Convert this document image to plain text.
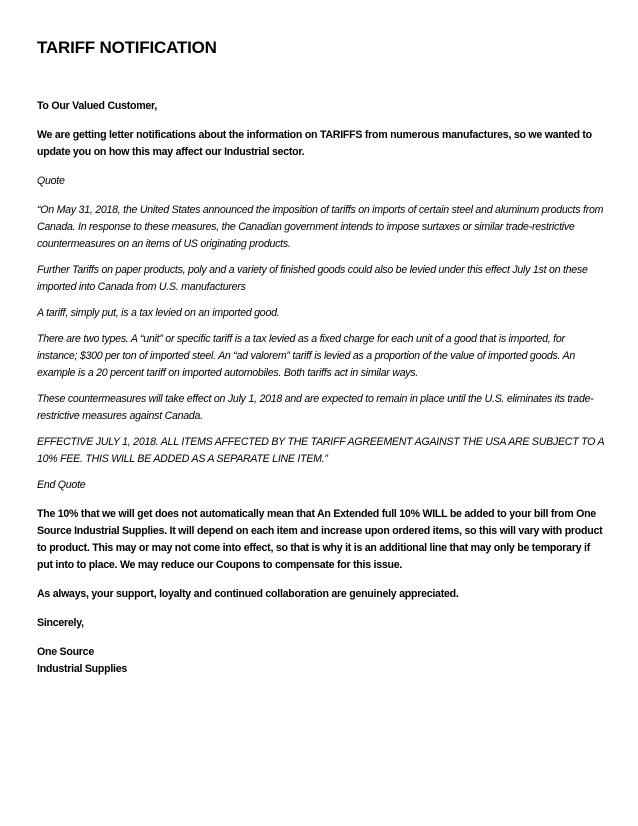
TARIFF NOTIFICATION

To Our Valued Customer,

We are getting letter notifications about the information on TARIFFS from numerous manufactures, so we wanted to update you on how this may affect our Industrial sector.

Quote

“On May 31, 2018, the United States announced the imposition of tariffs on imports of certain steel and aluminum products from Canada. In response to these measures, the Canadian government intends to impose surtaxes or similar trade-restrictive countermeasures on an items of US originating products.

Further Tariffs on paper products, poly and a variety of finished goods could also be levied under this effect July 1st on these imported into Canada from U.S. manufacturers

A tariff, simply put, is a tax levied on an imported good.

There are two types. A “unit” or specific tariff is a tax levied as a fixed charge for each unit of a good that is imported, for instance; $300 per ton of imported steel. An “ad valorem” tariff is levied as a proportion of the value of imported goods. An example is a 20 percent tariff on imported automobiles. Both tariffs act in similar ways.

These countermeasures will take effect on July 1, 2018 and are expected to remain in place until the U.S. eliminates its trade-restrictive measures against Canada.

EFFECTIVE JULY 1, 2018. ALL ITEMS AFFECTED BY THE TARIFF AGREEMENT AGAINST THE USA ARE SUBJECT TO A 10% FEE. THIS WILL BE ADDED AS A SEPARATE LINE ITEM.”

End Quote

The 10% that we will get does not automatically mean that An Extended full 10% WILL be added to your bill from One Source Industrial Supplies. It will depend on each item and increase upon ordered items, so this will vary with product to product. This may or may not come into effect, so that is why it is an additional line that may only be temporary if put into to place. We may reduce our Coupons to compensate for this issue.

As always, your support, loyalty and continued collaboration are genuinely appreciated.

Sincerely,

One Source

Industrial Supplies
